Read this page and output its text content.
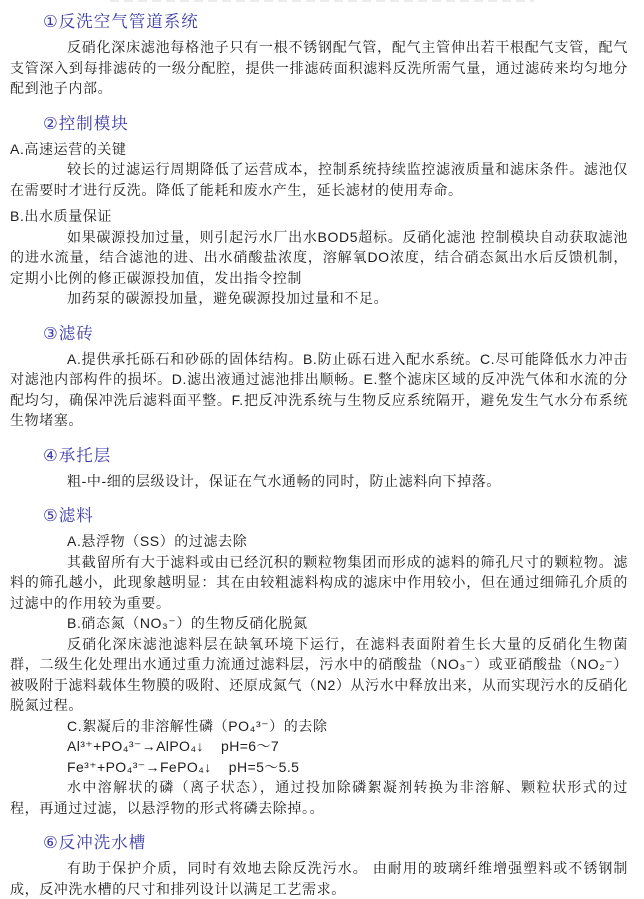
①反洗空气管道系统

反硝化深床滤池每格池子只有一根不锈钢配气管，配气主管伸出若干根配气支管，配气支管深入到每排滤砖的一级分配腔，提供一排滤砖面积滤料反洗所需气量，通过滤砖来均匀地分配到池子内部。

②控制模块

A.高速运营的关键

较长的过滤运行周期降低了运营成本，控制系统持续监控滤液质量和滤床条件。滤池仅在需要时才进行反洗。降低了能耗和废水产生，延长滤材的使用寿命。

B.出水质量保证

如果碳源投加过量，则引起污水厂出水BOD5超标。反硝化滤池 控制模块自动获取滤池的进水流量，结合滤池的进、出水硝酸盐浓度，溶解氧DO浓度，结合硝态氮出水后反馈机制，定期小比例的修正碳源投加值，发出指令控制

加药泵的碳源投加量，避免碳源投加过量和不足。

③滤砖

A.提供承托砾石和砂砾的固体结构。B.防止砾石进入配水系统。C.尽可能降低水力冲击对滤池内部构件的损坏。D.滤出液通过滤池排出顺畅。E.整个滤床区域的反冲洗气体和水流的分配均匀，确保冲洗后滤料面平整。F.把反冲洗系统与生物反应系统隔开，避免发生气水分布系统生物堵塞。

④承托层

粗-中-细的层级设计，保证在气水通畅的同时，防止滤料向下掉落。

⑤滤料

A.悬浮物（SS）的过滤去除

其截留所有大于滤料或由已经沉积的颗粒物集团而形成的滤料的筛孔尺寸的颗粒物。滤料的筛孔越小，此现象越明显：其在由较粗滤料构成的滤床中作用较小，但在通过细筛孔介质的过滤中的作用较为重要。

B.硝态氮（NO₃⁻）的生物反硝化脱氮

反硝化深床滤池滤料层在缺氧环境下运行，在滤料表面附着生长大量的反硝化生物菌群，二级生化处理出水通过重力流通过滤料层，污水中的硝酸盐（NO₃⁻）或亚硝酸盐（NO₂⁻）被吸附于滤料载体生物膜的吸附、还原成氮气（N2）从污水中释放出来，从而实现污水的反硝化脱氮过程。

C.絮凝后的非溶解性磷（PO₄³⁻）的去除

Al³⁺+PO₄³⁻→AlPO₄↓    pH=6～7

Fe³⁺+PO₄³⁻→FePO₄↓    pH=5～5.5

水中溶解状的磷（离子状态），通过投加除磷絮凝剂转换为非溶解、颗粒状形式的过程，再通过过滤，以悬浮物的形式将磷去除掉。。

⑥反冲洗水槽

有助于保护介质，同时有效地去除反洗污水。 由耐用的玻璃纤维增强塑料或不锈钢制成，反冲洗水槽的尺寸和排列设计以满足工艺需求。
